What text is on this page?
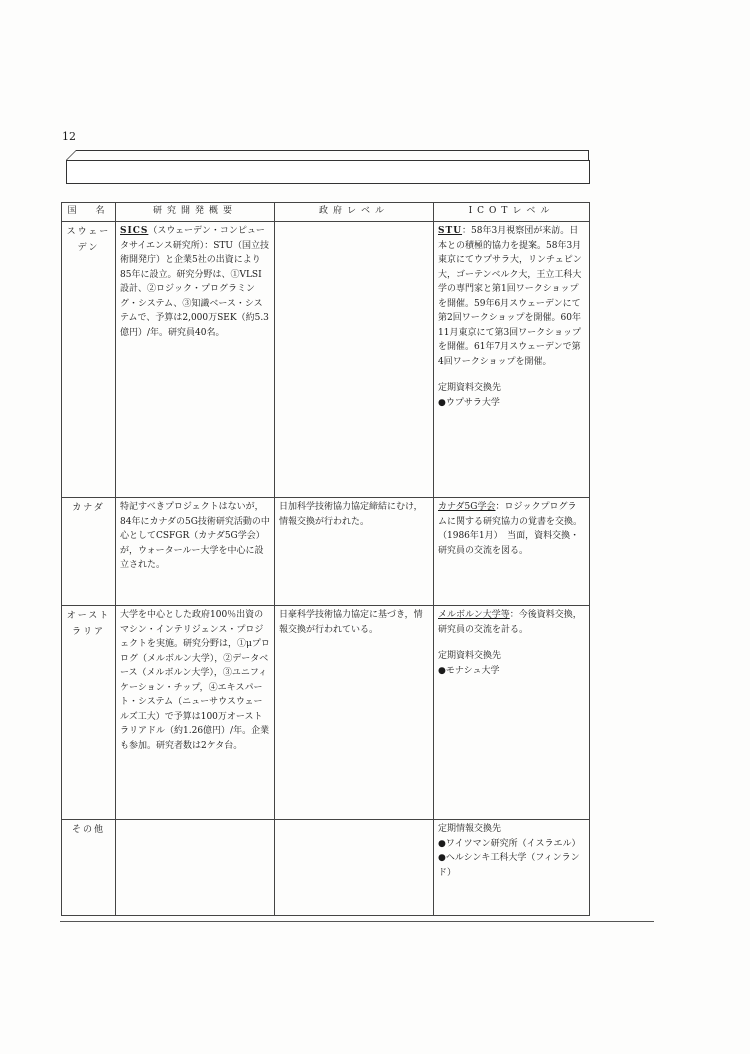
12
国　名	研究開発概要	政府レベル	ICOTレベル
スウェーデン	SICS（スウェーデン・コンピュータサイエンス研究所）：STU（国立技術開発庁）と企業5社の出資により85年に設立。研究分野は、①VLSI設計、②ロジック・プログラミング・システム、③知識ベース・システムで、予算は2,000万SEK（約5.3億円）/年。研究員40名。		STU：58年3月視察団が来訪。日本との積極的協力を提案。58年3月東京にてウプサラ大，リンチェピン大，ゴーテンベルク大，王立工科大学の専門家と第1回ワークショップを開催。59年6月スウェーデンにて第2回ワークショップを開催。60年11月東京にて第3回ワークショップを開催。61年7月スウェーデンで第4回ワークショップを開催。
定期資料交換先
●ウプサラ大学

カナダ	特記すべきプロジェクトはないが，84年にカナダの5G技術研究活動の中心としてCSFGR（カナダ5G学会）が，ウォータールー大学を中心に設立された。	日加科学技術協力協定締結にむけ，情報交換が行われた。	カナダ5G学会：ロジックプログラムに関する研究協力の覚書を交換。（1986年1月）　当面，資料交換・研究員の交流を図る。
オーストラリア	大学を中心とした政府100％出資のマシン・インテリジェンス・プロジェクトを実施。研究分野は，①μプロログ（メルボルン大学），②データベース（メルボルン大学），③ユニフィケーション・チップ，④エキスパート・システム（ニューサウスウェールズ工大）で予算は100万オーストラリアドル（約1.26億円）/年。企業も参加。研究者数は2ケタ台。	日豪科学技術協力協定に基づき，情報交換が行われている。	メルボルン大学等：今後資料交換，研究員の交流を計る。
定期資料交換先
●モナシュ大学

その他			定期情報交換先
●ワイツマン研究所（イスラエル）
●ヘルシンキ工科大学（フィンランド）
